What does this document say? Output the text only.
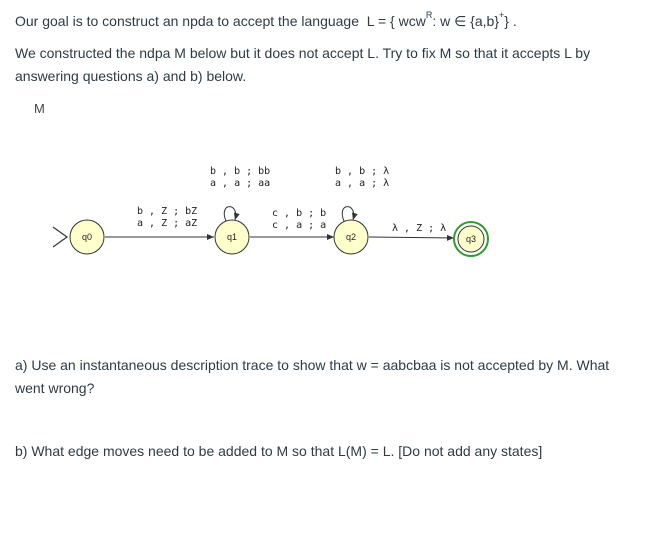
Our goal is to construct an npda to accept the language L = { wcw$^R$: w ∈ {a,b}+} .

We constructed the ndpa M below but it does not accept L. Try to fix M so that it accepts L by answering questions a) and b) below.

M

q0	q1	q2	q3
b , Z ; bZ
a , Z ; aZ
b , b ; bb
a , a ; aa
c , b ; b
c , a ; a
b , b ; λ
a , a ; λ
λ , Z ; λ

a) Use an instantaneous description trace to show that w = aabcbaa is not accepted by M. What went wrong?

b) What edge moves need to be added to M so that L(M) = L. [Do not add any states]
